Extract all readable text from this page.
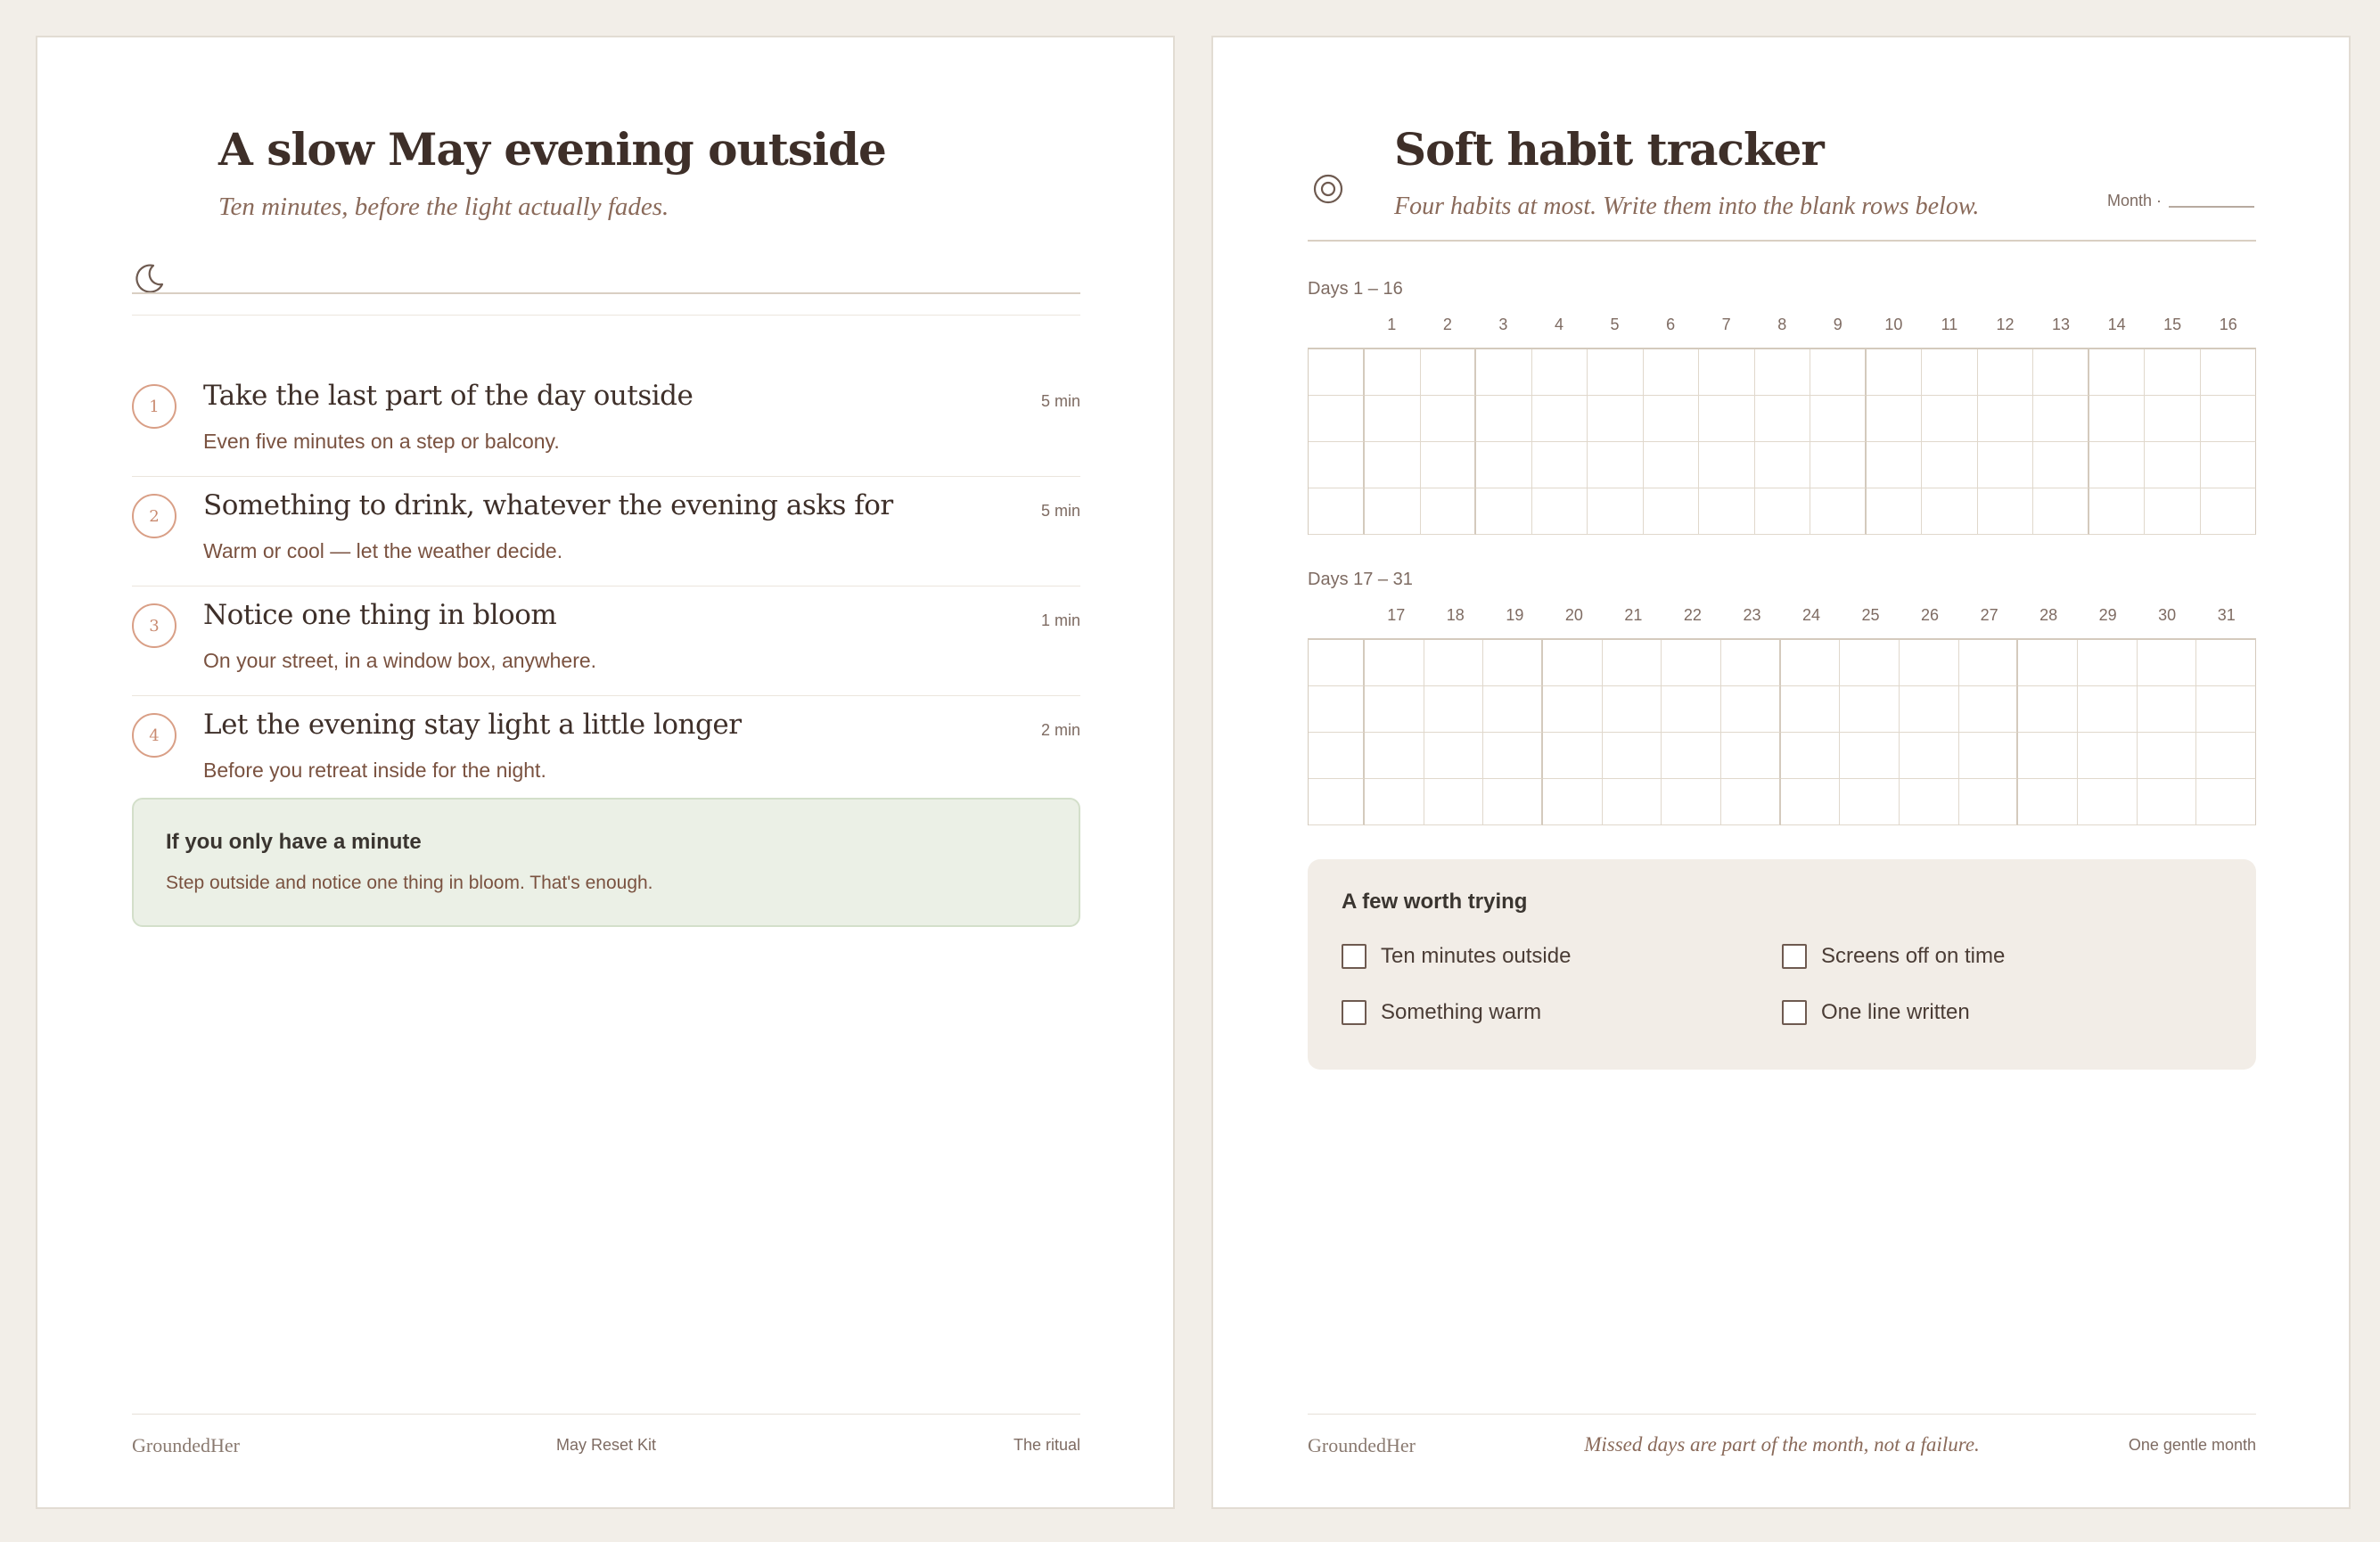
A slow May evening outside
Ten minutes, before the light actually fades.
1	Take the last part of the day outside
Even five minutes on a step or balcony.
5 min
2	Something to drink, whatever the evening asks for
Warm or cool — let the weather decide.
5 min
3	Notice one thing in bloom
On your street, in a window box, anywhere.
1 min
4	Let the evening stay light a little longer
Before you retreat inside for the night.
2 min
If you only have a minute
Step outside and notice one thing in bloom. That's enough.
GroundedHer	May Reset Kit	The ritual
Soft habit tracker
Four habits at most. Write them into the blank rows below.	Month ·
Days 1 – 16
1	2	3	4	5	6	7	8	9	10	11	12	13	14	15	16
Days 17 – 31
17	18	19	20	21	22	23	24	25	26	27	28	29	30	31
A few worth trying
Ten minutes outside	Screens off on time
Something warm	One line written
GroundedHer	Missed days are part of the month, not a failure.	One gentle month
